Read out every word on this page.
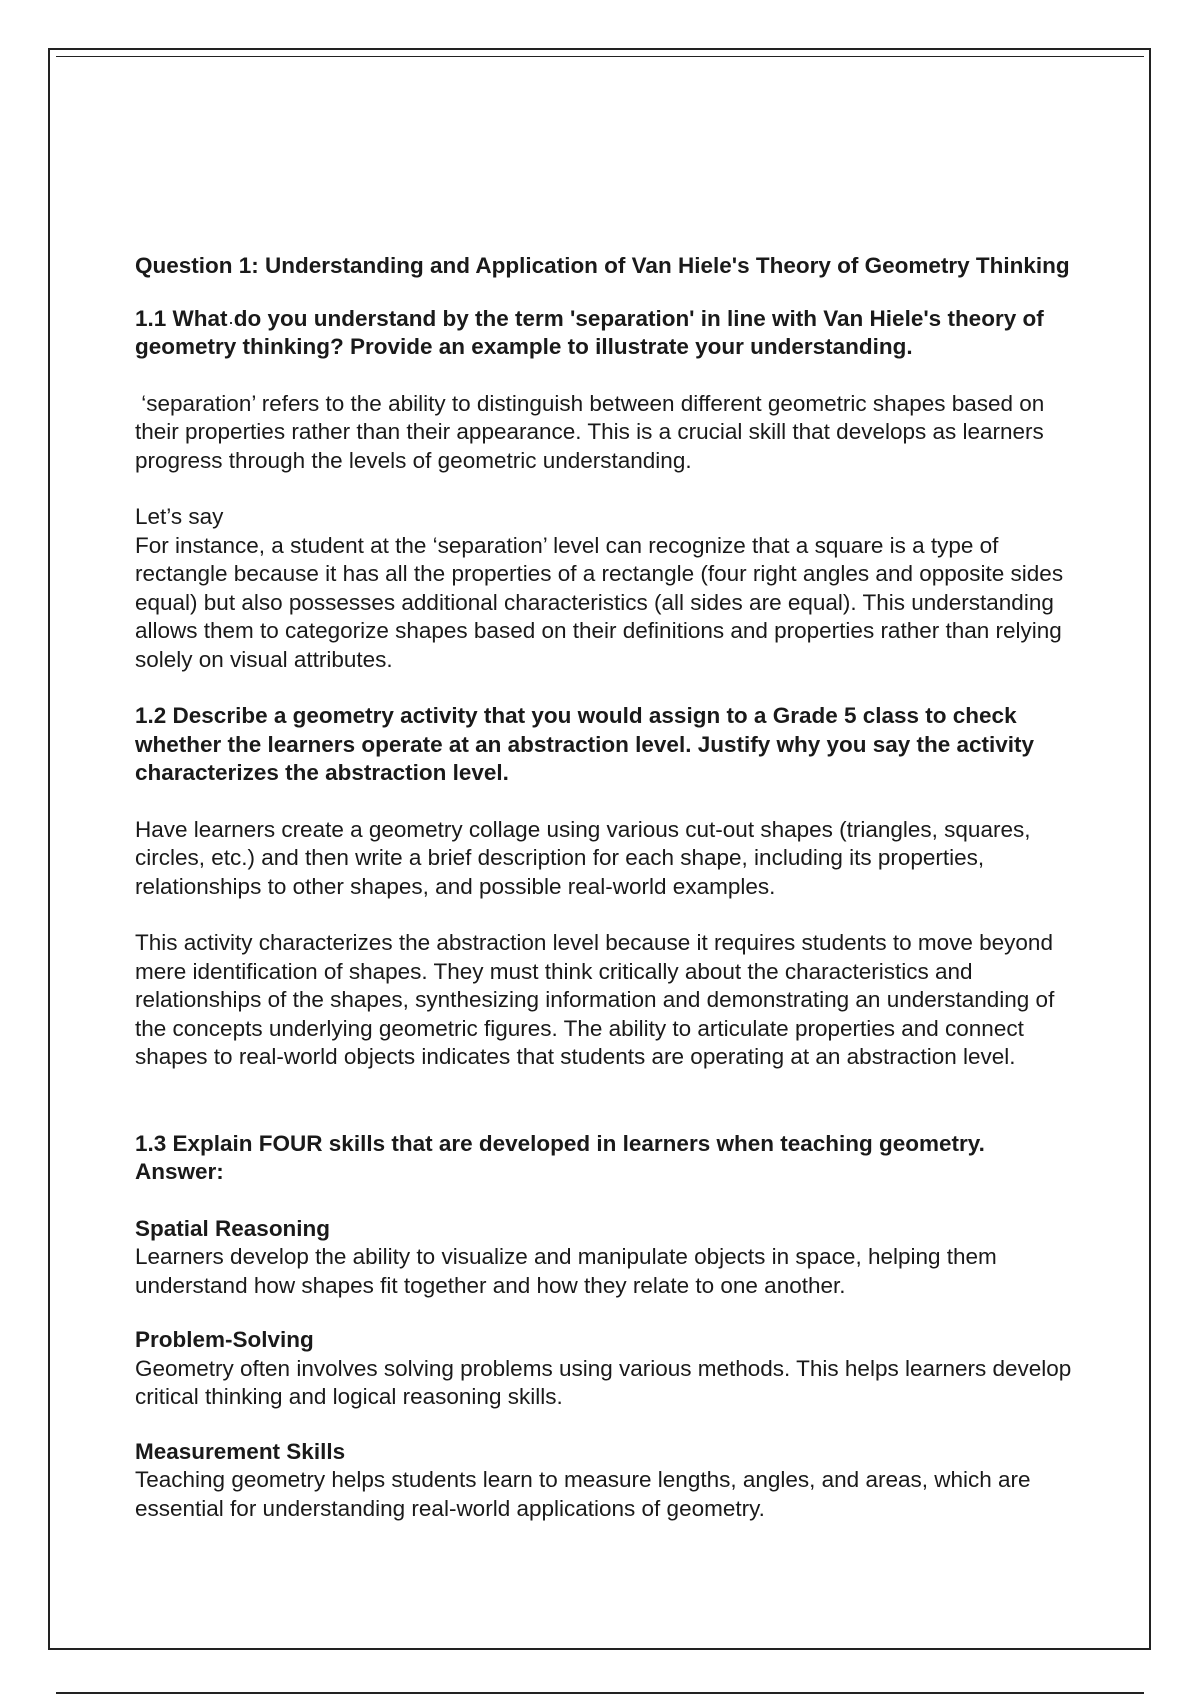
Question 1: Understanding and Application of Van Hiele's Theory of Geometry Thinking
1.1 What do you understand by the term 'separation' in line with Van Hiele's theory of geometry thinking? Provide an example to illustrate your understanding.

‘separation’ refers to the ability to distinguish between different geometric shapes based on their properties rather than their appearance. This is a crucial skill that develops as learners progress through the levels of geometric understanding.

Let’s say

For instance, a student at the ‘separation’ level can recognize that a square is a type of rectangle because it has all the properties of a rectangle (four right angles and opposite sides equal) but also possesses additional characteristics (all sides are equal). This understanding allows them to categorize shapes based on their definitions and properties rather than relying solely on visual attributes.

1.2 Describe a geometry activity that you would assign to a Grade 5 class to check whether the learners operate at an abstraction level. Justify why you say the activity characterizes the abstraction level.

Have learners create a geometry collage using various cut-out shapes (triangles, squares, circles, etc.) and then write a brief description for each shape, including its properties, relationships to other shapes, and possible real-world examples.

This activity characterizes the abstraction level because it requires students to move beyond mere identification of shapes. They must think critically about the characteristics and relationships of the shapes, synthesizing information and demonstrating an understanding of the concepts underlying geometric figures. The ability to articulate properties and connect shapes to real-world objects indicates that students are operating at an abstraction level.

1.3 Explain FOUR skills that are developed in learners when teaching geometry.
Answer:
Spatial Reasoning
Learners develop the ability to visualize and manipulate objects in space, helping them understand how shapes fit together and how they relate to one another.
Problem-Solving
Geometry often involves solving problems using various methods. This helps learners develop critical thinking and logical reasoning skills.
Measurement Skills
Teaching geometry helps students learn to measure lengths, angles, and areas, which are essential for understanding real-world applications of geometry.
